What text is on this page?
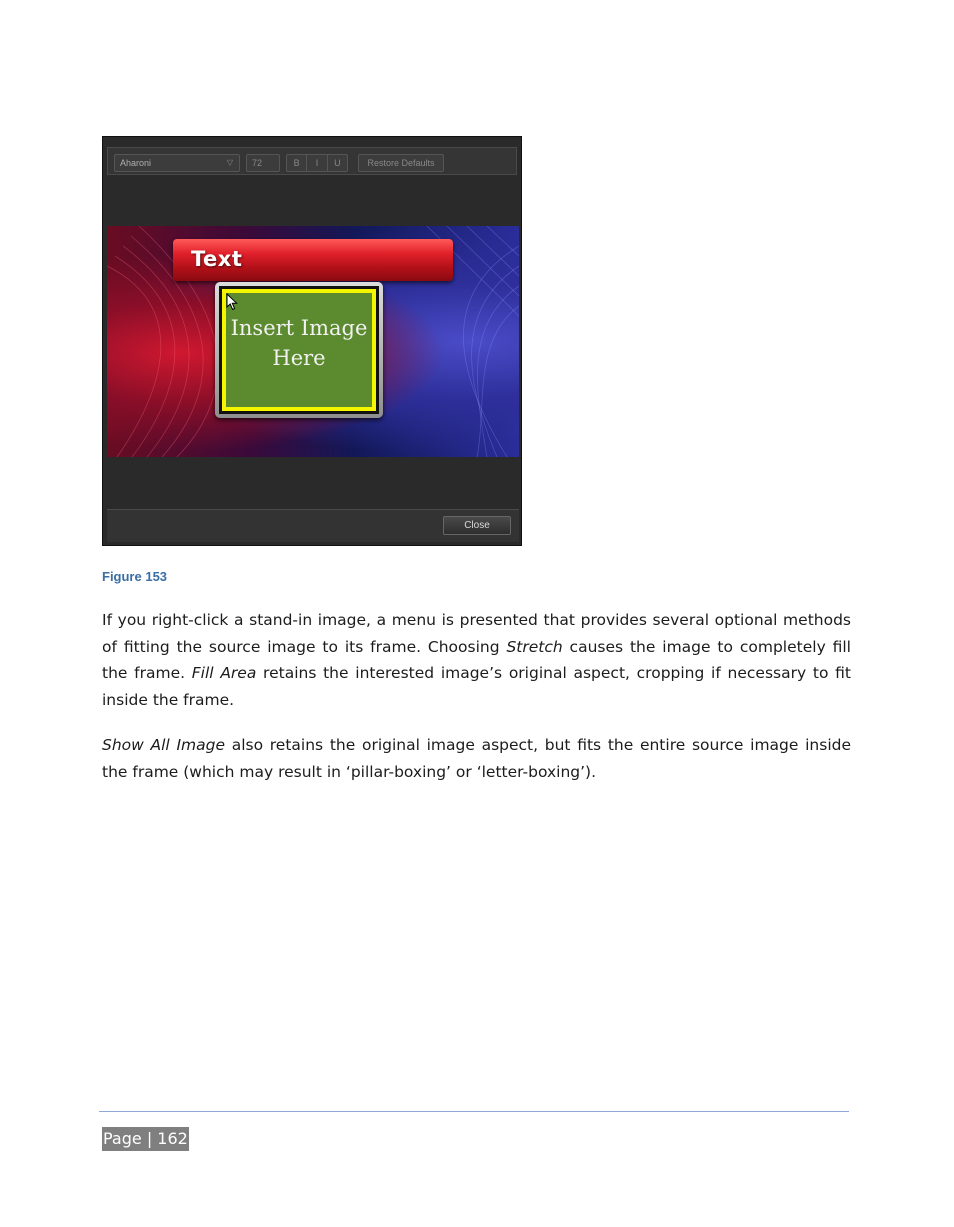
Aharoni	▽	72	B	I	U	Restore Defaults
Text
Insert Image Here
Close
Figure 153

If you right-click a stand-in image, a menu is presented that provides several optional methods of fitting the source image to its frame. Choosing Stretch causes the image to completely fill the frame. Fill Area retains the interested image’s original aspect, cropping if necessary to fit inside the frame.

Show All Image also retains the original image aspect, but fits the entire source image inside the frame (which may result in ‘pillar-boxing’ or ‘letter-boxing’).

Page | 162
